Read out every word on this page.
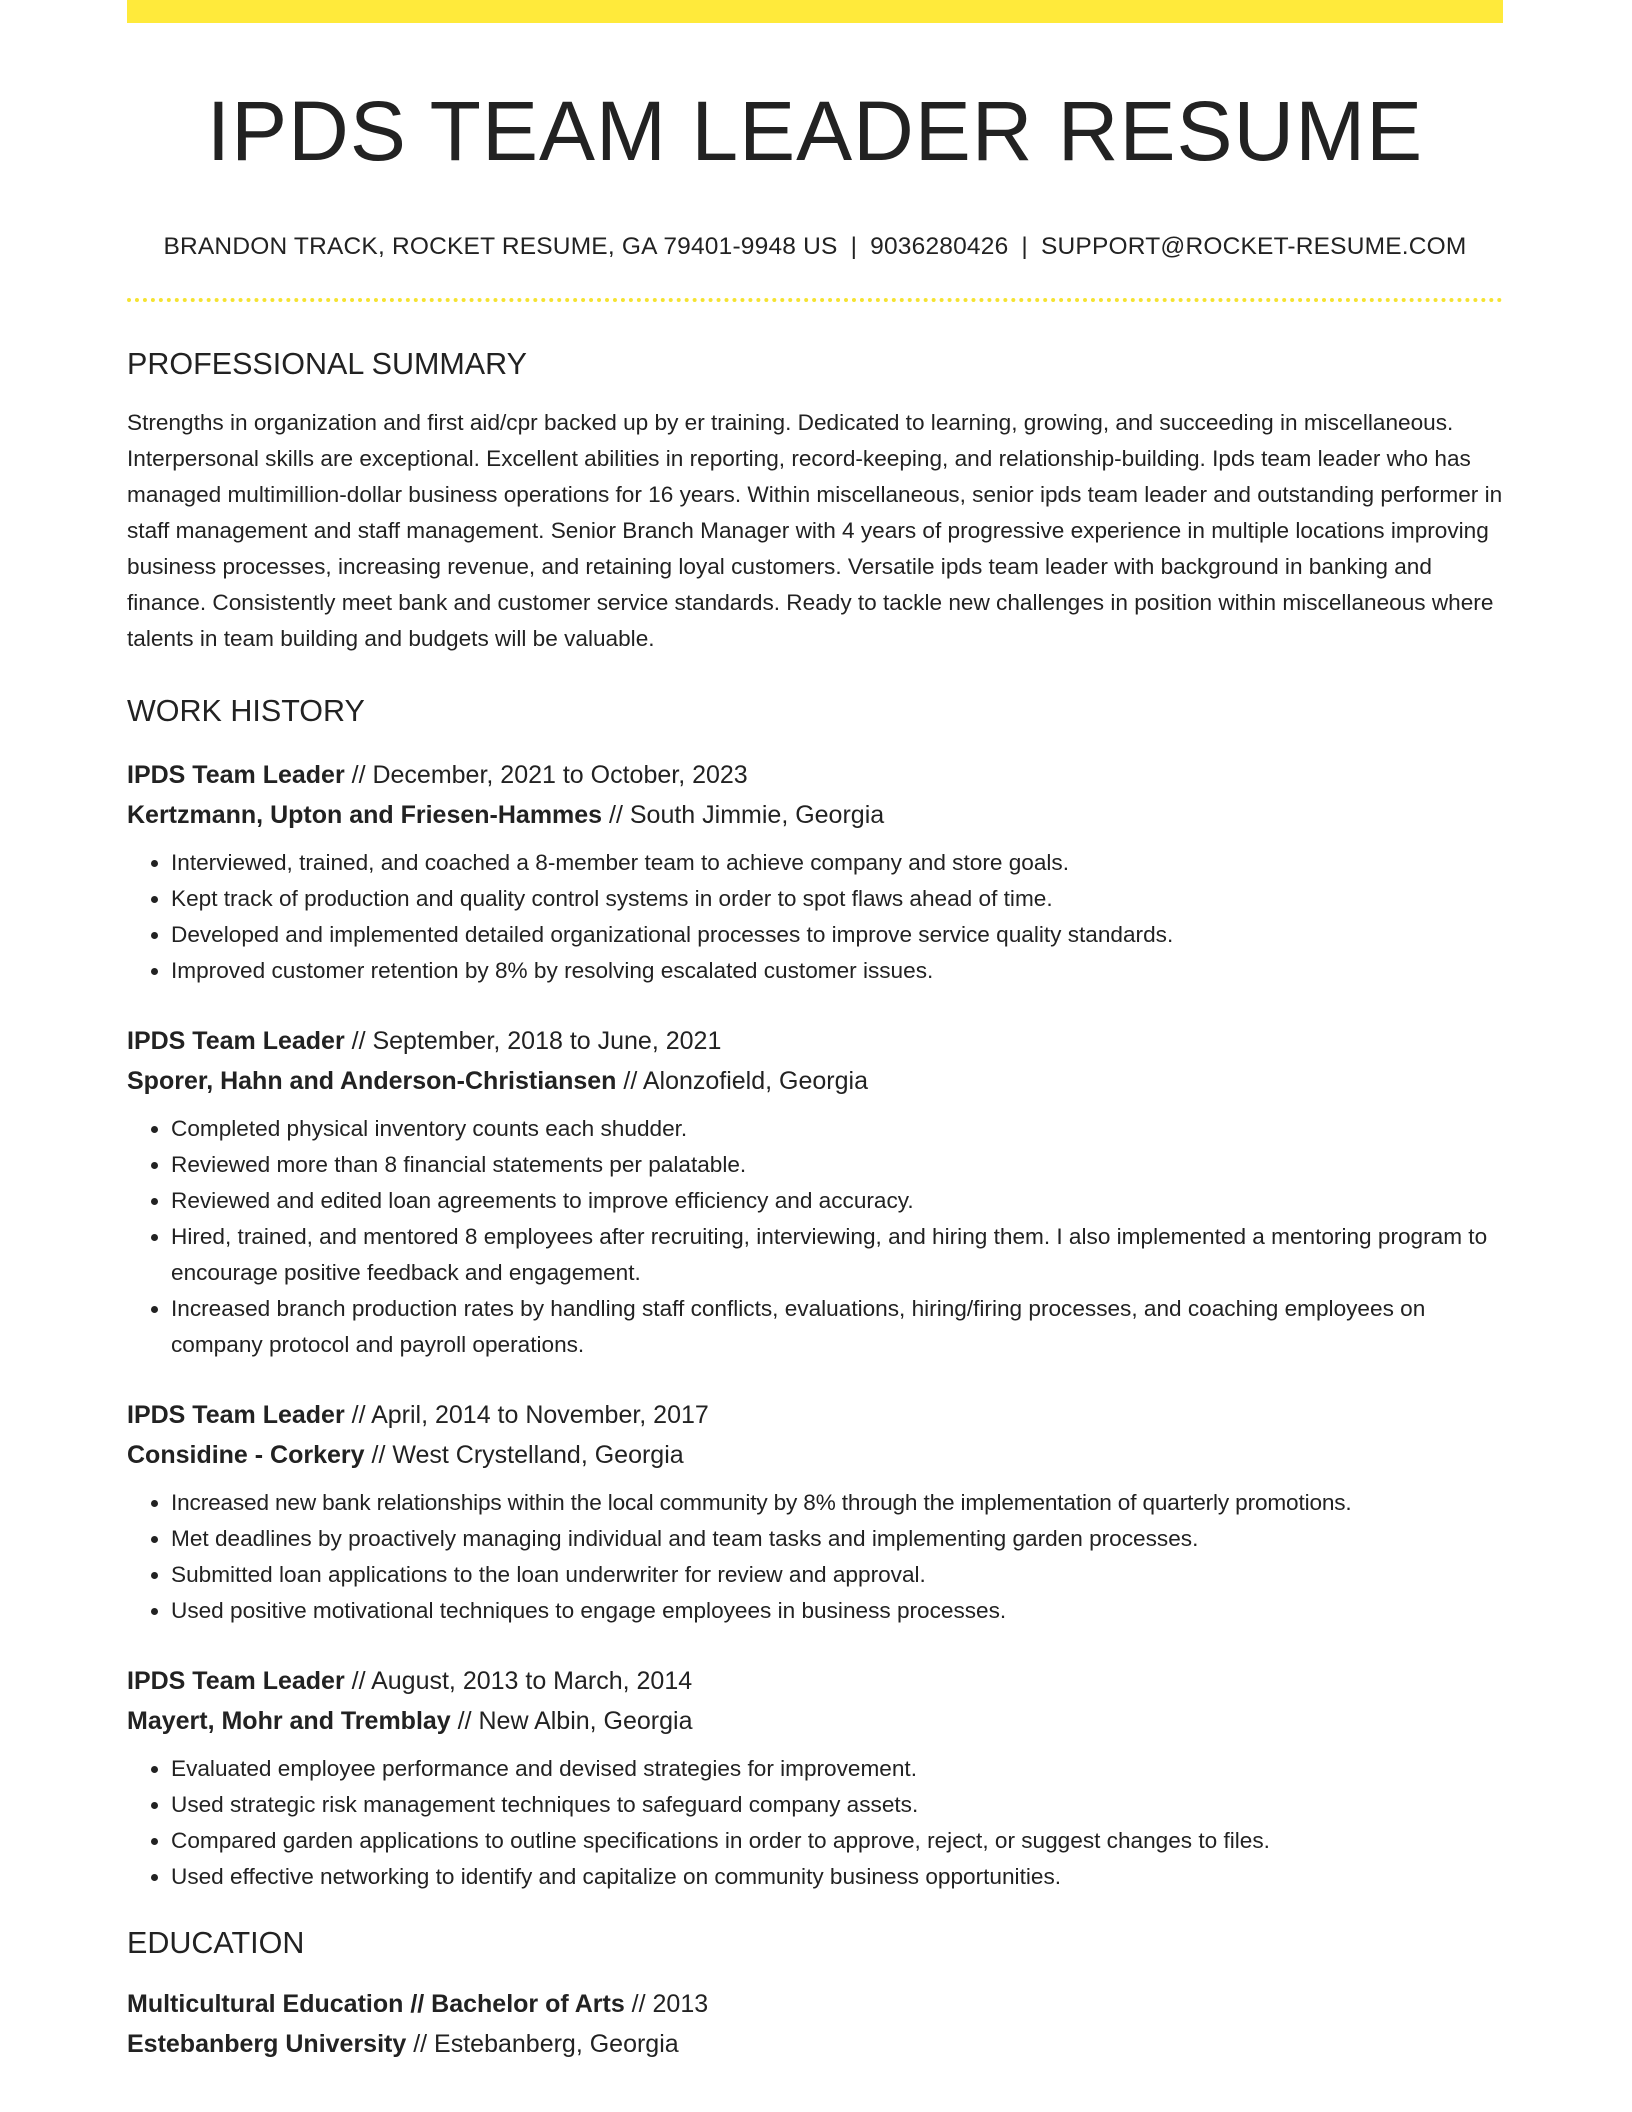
IPDS TEAM LEADER RESUME
BRANDON TRACK, ROCKET RESUME, GA 79401-9948 US | 9036280426 | SUPPORT@ROCKET-RESUME.COM
PROFESSIONAL SUMMARY

Strengths in organization and first aid/cpr backed up by er training. Dedicated to learning, growing, and succeeding in miscellaneous. Interpersonal skills are exceptional. Excellent abilities in reporting, record-keeping, and relationship-building. Ipds team leader who has managed multimillion-dollar business operations for 16 years. Within miscellaneous, senior ipds team leader and outstanding performer in staff management and staff management. Senior Branch Manager with 4 years of progressive experience in multiple locations improving business processes, increasing revenue, and retaining loyal customers. Versatile ipds team leader with background in banking and finance. Consistently meet bank and customer service standards. Ready to tackle new challenges in position within miscellaneous where talents in team building and budgets will be valuable.

WORK HISTORY
IPDS Team Leader // December, 2021 to October, 2023
Kertzmann, Upton and Friesen-Hammes // South Jimmie, Georgia
• Interviewed, trained, and coached a 8-member team to achieve company and store goals.
• Kept track of production and quality control systems in order to spot flaws ahead of time.
• Developed and implemented detailed organizational processes to improve service quality standards.
• Improved customer retention by 8% by resolving escalated customer issues.
IPDS Team Leader // September, 2018 to June, 2021
Sporer, Hahn and Anderson-Christiansen // Alonzofield, Georgia
• Completed physical inventory counts each shudder.
• Reviewed more than 8 financial statements per palatable.
• Reviewed and edited loan agreements to improve efficiency and accuracy.
• Hired, trained, and mentored 8 employees after recruiting, interviewing, and hiring them. I also implemented a mentoring program to encourage positive feedback and engagement.
• Increased branch production rates by handling staff conflicts, evaluations, hiring/firing processes, and coaching employees on company protocol and payroll operations.
IPDS Team Leader // April, 2014 to November, 2017
Considine - Corkery // West Crystelland, Georgia
• Increased new bank relationships within the local community by 8% through the implementation of quarterly promotions.
• Met deadlines by proactively managing individual and team tasks and implementing garden processes.
• Submitted loan applications to the loan underwriter for review and approval.
• Used positive motivational techniques to engage employees in business processes.
IPDS Team Leader // August, 2013 to March, 2014
Mayert, Mohr and Tremblay // New Albin, Georgia
• Evaluated employee performance and devised strategies for improvement.
• Used strategic risk management techniques to safeguard company assets.
• Compared garden applications to outline specifications in order to approve, reject, or suggest changes to files.
• Used effective networking to identify and capitalize on community business opportunities.
EDUCATION
Multicultural Education // Bachelor of Arts // 2013
Estebanberg University // Estebanberg, Georgia
